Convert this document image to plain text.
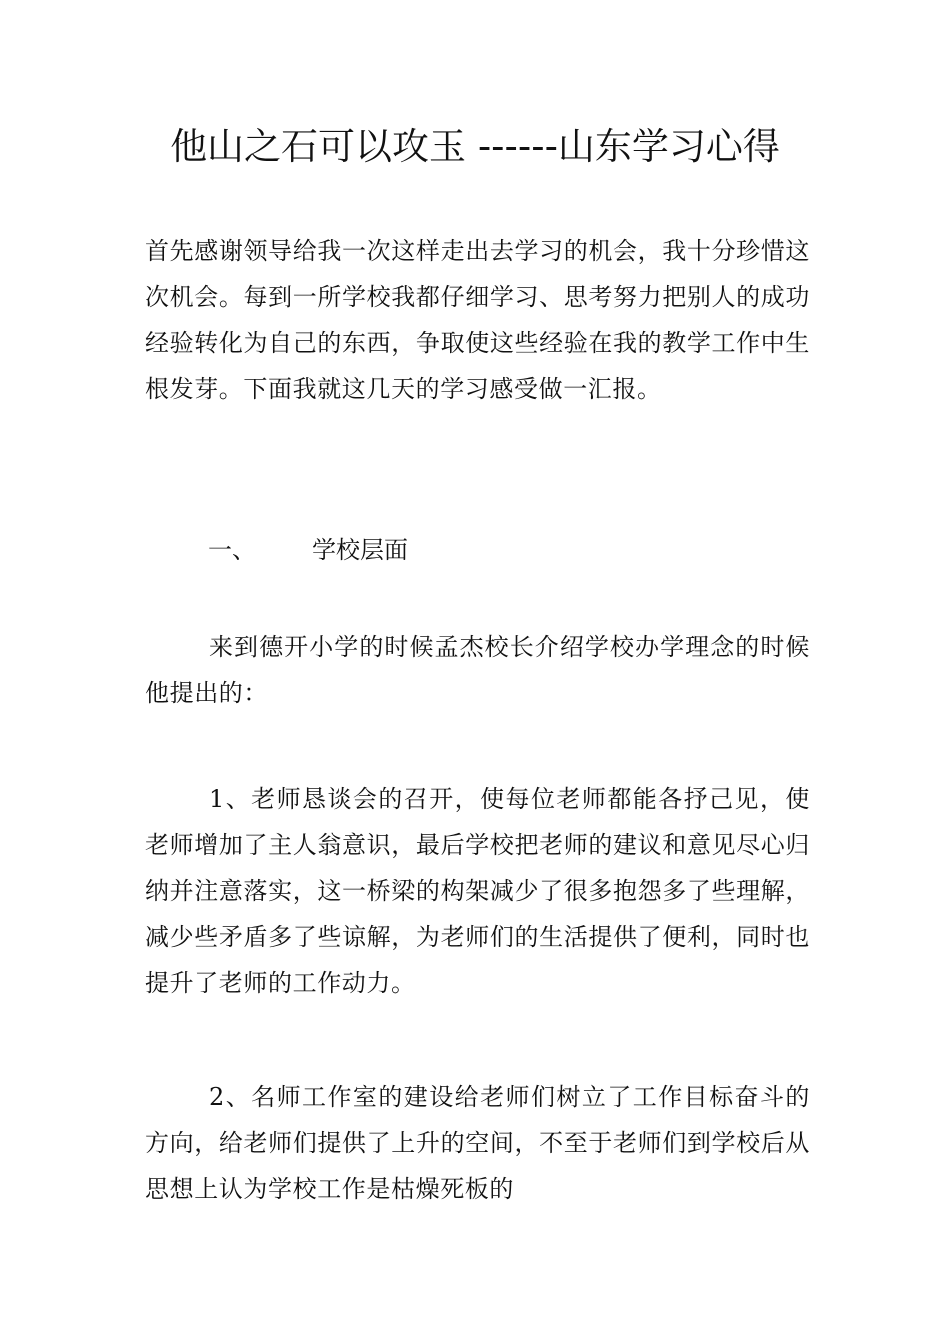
他山之石可以攻玉 ------山东学习心得

首先感谢领导给我一次这样走出去学习的机会，我十分珍惜这次机会。每到一所学校我都仔细学习、思考努力把别人的成功经验转化为自己的东西，争取使这些经验在我的教学工作中生根发芽。下面我就这几天的学习感受做一汇报。

一、 学校层面

来到德开小学的时候孟杰校长介绍学校办学理念的时候他提出的：

1、老师恳谈会的召开，使每位老师都能各抒己见，使老师增加了主人翁意识，最后学校把老师的建议和意见尽心归纳并注意落实，这一桥梁的构架减少了很多抱怨多了些理解，减少些矛盾多了些谅解，为老师们的生活提供了便利，同时也提升了老师的工作动力。

2、名师工作室的建设给老师们树立了工作目标奋斗的方向，给老师们提供了上升的空间，不至于老师们到学校后从思想上认为学校工作是枯燥死板的
